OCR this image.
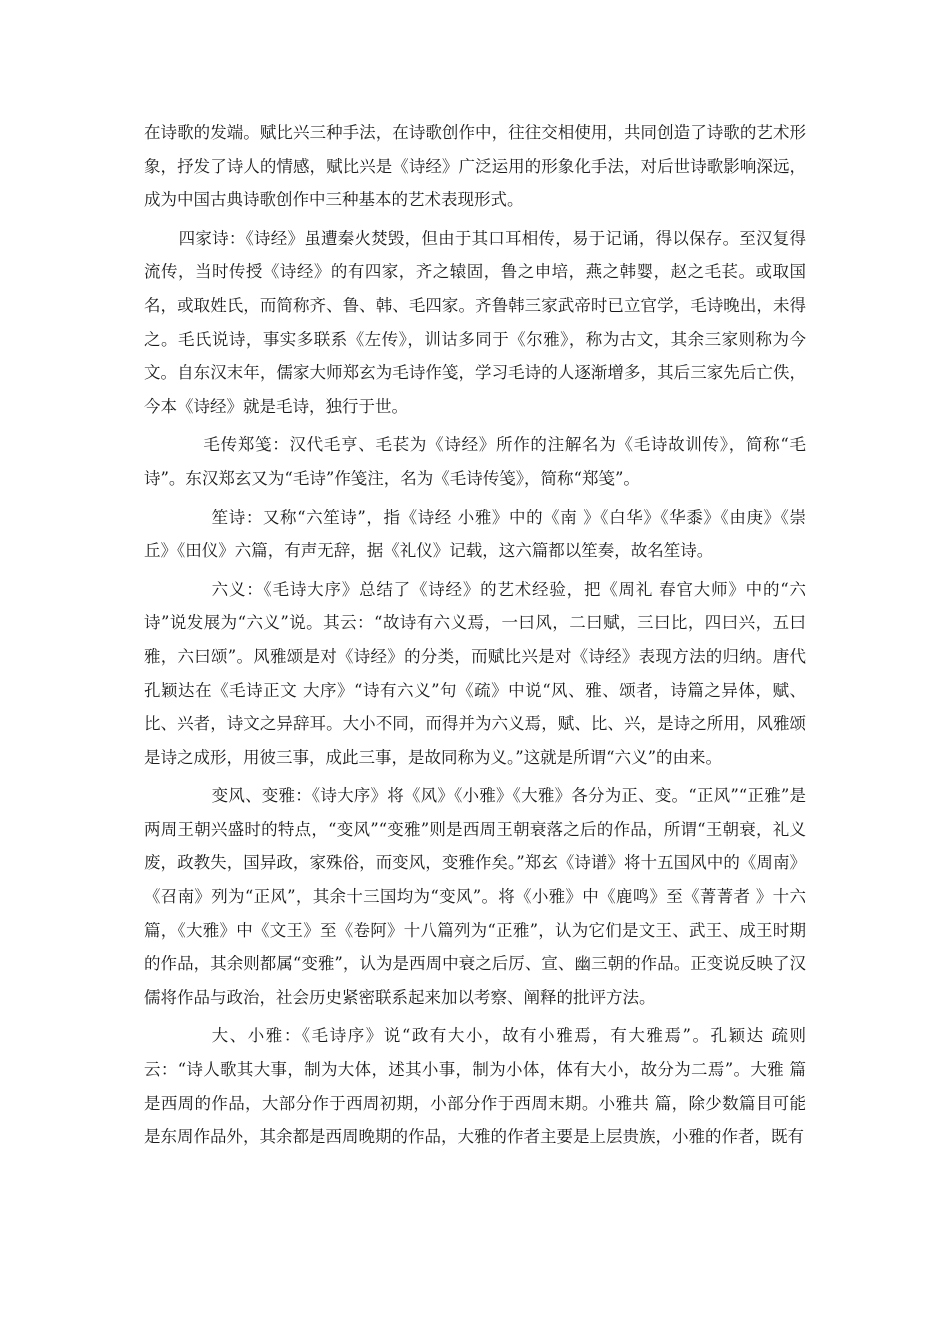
在诗歌的发端。赋比兴三种手法，在诗歌创作中，往往交相使用，共同创造了诗歌的艺术形象，抒发了诗人的情感，赋比兴是《诗经》广泛运用的形象化手法，对后世诗歌影响深远，成为中国古典诗歌创作中三种基本的艺术表现形式。

四家诗：《诗经》虽遭秦火焚毁，但由于其口耳相传，易于记诵，得以保存。至汉复得流传，当时传授《诗经》的有四家，齐之辕固，鲁之申培，燕之韩婴，赵之毛苌。或取国名，或取姓氏，而简称齐、鲁、韩、毛四家。齐鲁韩三家武帝时已立官学，毛诗晚出，未得之。毛氏说诗，事实多联系《左传》，训诂多同于《尔雅》，称为古文，其余三家则称为今文。自东汉末年，儒家大师郑玄为毛诗作笺，学习毛诗的人逐渐增多，其后三家先后亡佚，今本《诗经》就是毛诗，独行于世。

毛传郑笺：汉代毛亨、毛苌为《诗经》所作的注解名为《毛诗故训传》，简称“毛诗”。东汉郑玄又为“毛诗”作笺注，名为《毛诗传笺》，简称“郑笺”。

笙诗：又称“六笙诗”，指《诗经 小雅》中的《南 》《白华》《华黍》《由庚》《崇丘》《田仪》六篇，有声无辞，据《礼仪》记载，这六篇都以笙奏，故名笙诗。

六义：《毛诗大序》总结了《诗经》的艺术经验，把《周礼 春官大师》中的“六诗”说发展为“六义”说。其云：“故诗有六义焉，一曰风，二曰赋，三曰比，四曰兴，五曰雅，六曰颂”。风雅颂是对《诗经》的分类，而赋比兴是对《诗经》表现方法的归纳。唐代孔颖达在《毛诗正文 大序》“诗有六义”句《疏》中说“风、雅、颂者，诗篇之异体，赋、比、兴者，诗文之异辞耳。大小不同，而得并为六义焉，赋、比、兴，是诗之所用，风雅颂是诗之成形，用彼三事，成此三事，是故同称为义。”这就是所谓“六义”的由来。

变风、变雅：《诗大序》将《风》《小雅》《大雅》各分为正、变。“正风”“正雅”是两周王朝兴盛时的特点，“变风”“变雅”则是西周王朝衰落之后的作品，所谓“王朝衰，礼义废，政教失，国异政，家殊俗，而变风，变雅作矣。”郑玄《诗谱》将十五国风中的《周南》《召南》列为“正风”，其余十三国均为“变风”。将《小雅》中《鹿鸣》至《菁菁者 》十六篇，《大雅》中《文王》至《卷阿》十八篇列为“正雅”，认为它们是文王、武王、成王时期的作品，其余则都属“变雅”，认为是西周中衰之后厉、宣、幽三朝的作品。正变说反映了汉儒将作品与政治，社会历史紧密联系起来加以考察、阐释的批评方法。

大、小雅：《毛诗序》说“政有大小，故有小雅焉，有大雅焉”。孔颖达 疏则云：“诗人歌其大事，制为大体，述其小事，制为小体，体有大小，故分为二焉”。大雅 篇是西周的作品，大部分作于西周初期，小部分作于西周末期。小雅共 篇，除少数篇目可能是东周作品外，其余都是西周晚期的作品，大雅的作者主要是上层贵族，小雅的作者，既有
